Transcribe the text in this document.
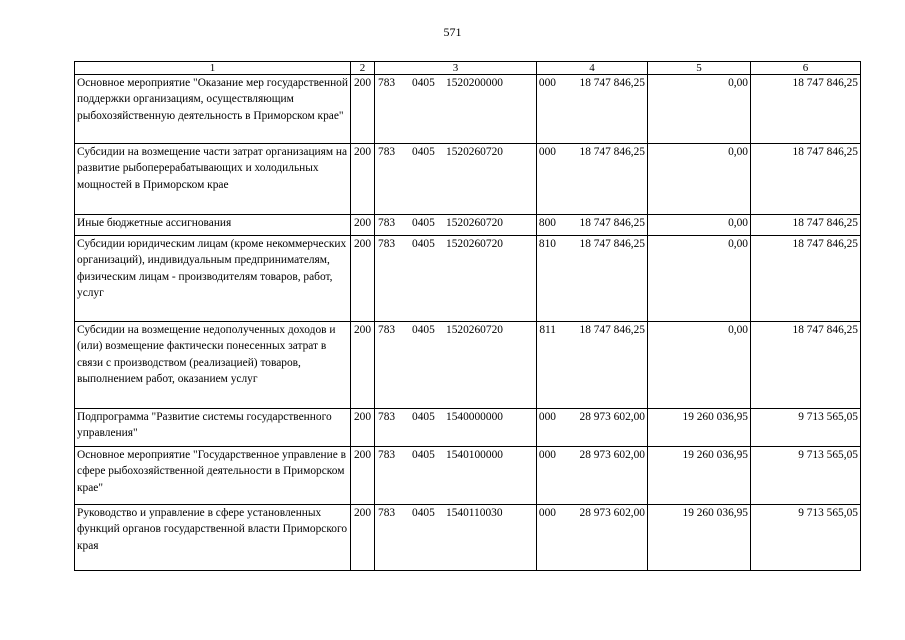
571
1	2	3	4	5	6
Основное мероприятие "Оказание мер государственной поддержки организациям, осуществляющим рыбохозяйственную деятельность в Приморском крае"	200	783 0405 1520200000 000	18 747 846,25	0,00	18 747 846,25
Субсидии на возмещение части затрат организациям на развитие рыбоперерабатывающих и холодильных мощностей в Приморском крае	200	783 0405 1520260720 000	18 747 846,25	0,00	18 747 846,25
Иные бюджетные ассигнования	200	783 0405 1520260720 800	18 747 846,25	0,00	18 747 846,25
Субсидии юридическим лицам (кроме некоммерческих организаций), индивидуальным предпринимателям, физическим лицам - производителям товаров, работ, услуг	200	783 0405 1520260720 810	18 747 846,25	0,00	18 747 846,25
Субсидии на возмещение недополученных доходов и (или) возмещение фактически понесенных затрат в связи с производством (реализацией) товаров, выполнением работ, оказанием услуг	200	783 0405 1520260720 811	18 747 846,25	0,00	18 747 846,25
Подпрограмма "Развитие системы государственного управления"	200	783 0405 1540000000 000	28 973 602,00	19 260 036,95	9 713 565,05
Основное мероприятие "Государственное управление в сфере рыбохозяйственной деятельности в Приморском крае"	200	783 0405 1540100000 000	28 973 602,00	19 260 036,95	9 713 565,05
Руководство и управление в сфере установленных функций органов государственной власти Приморского края	200	783 0405 1540110030 000	28 973 602,00	19 260 036,95	9 713 565,05
